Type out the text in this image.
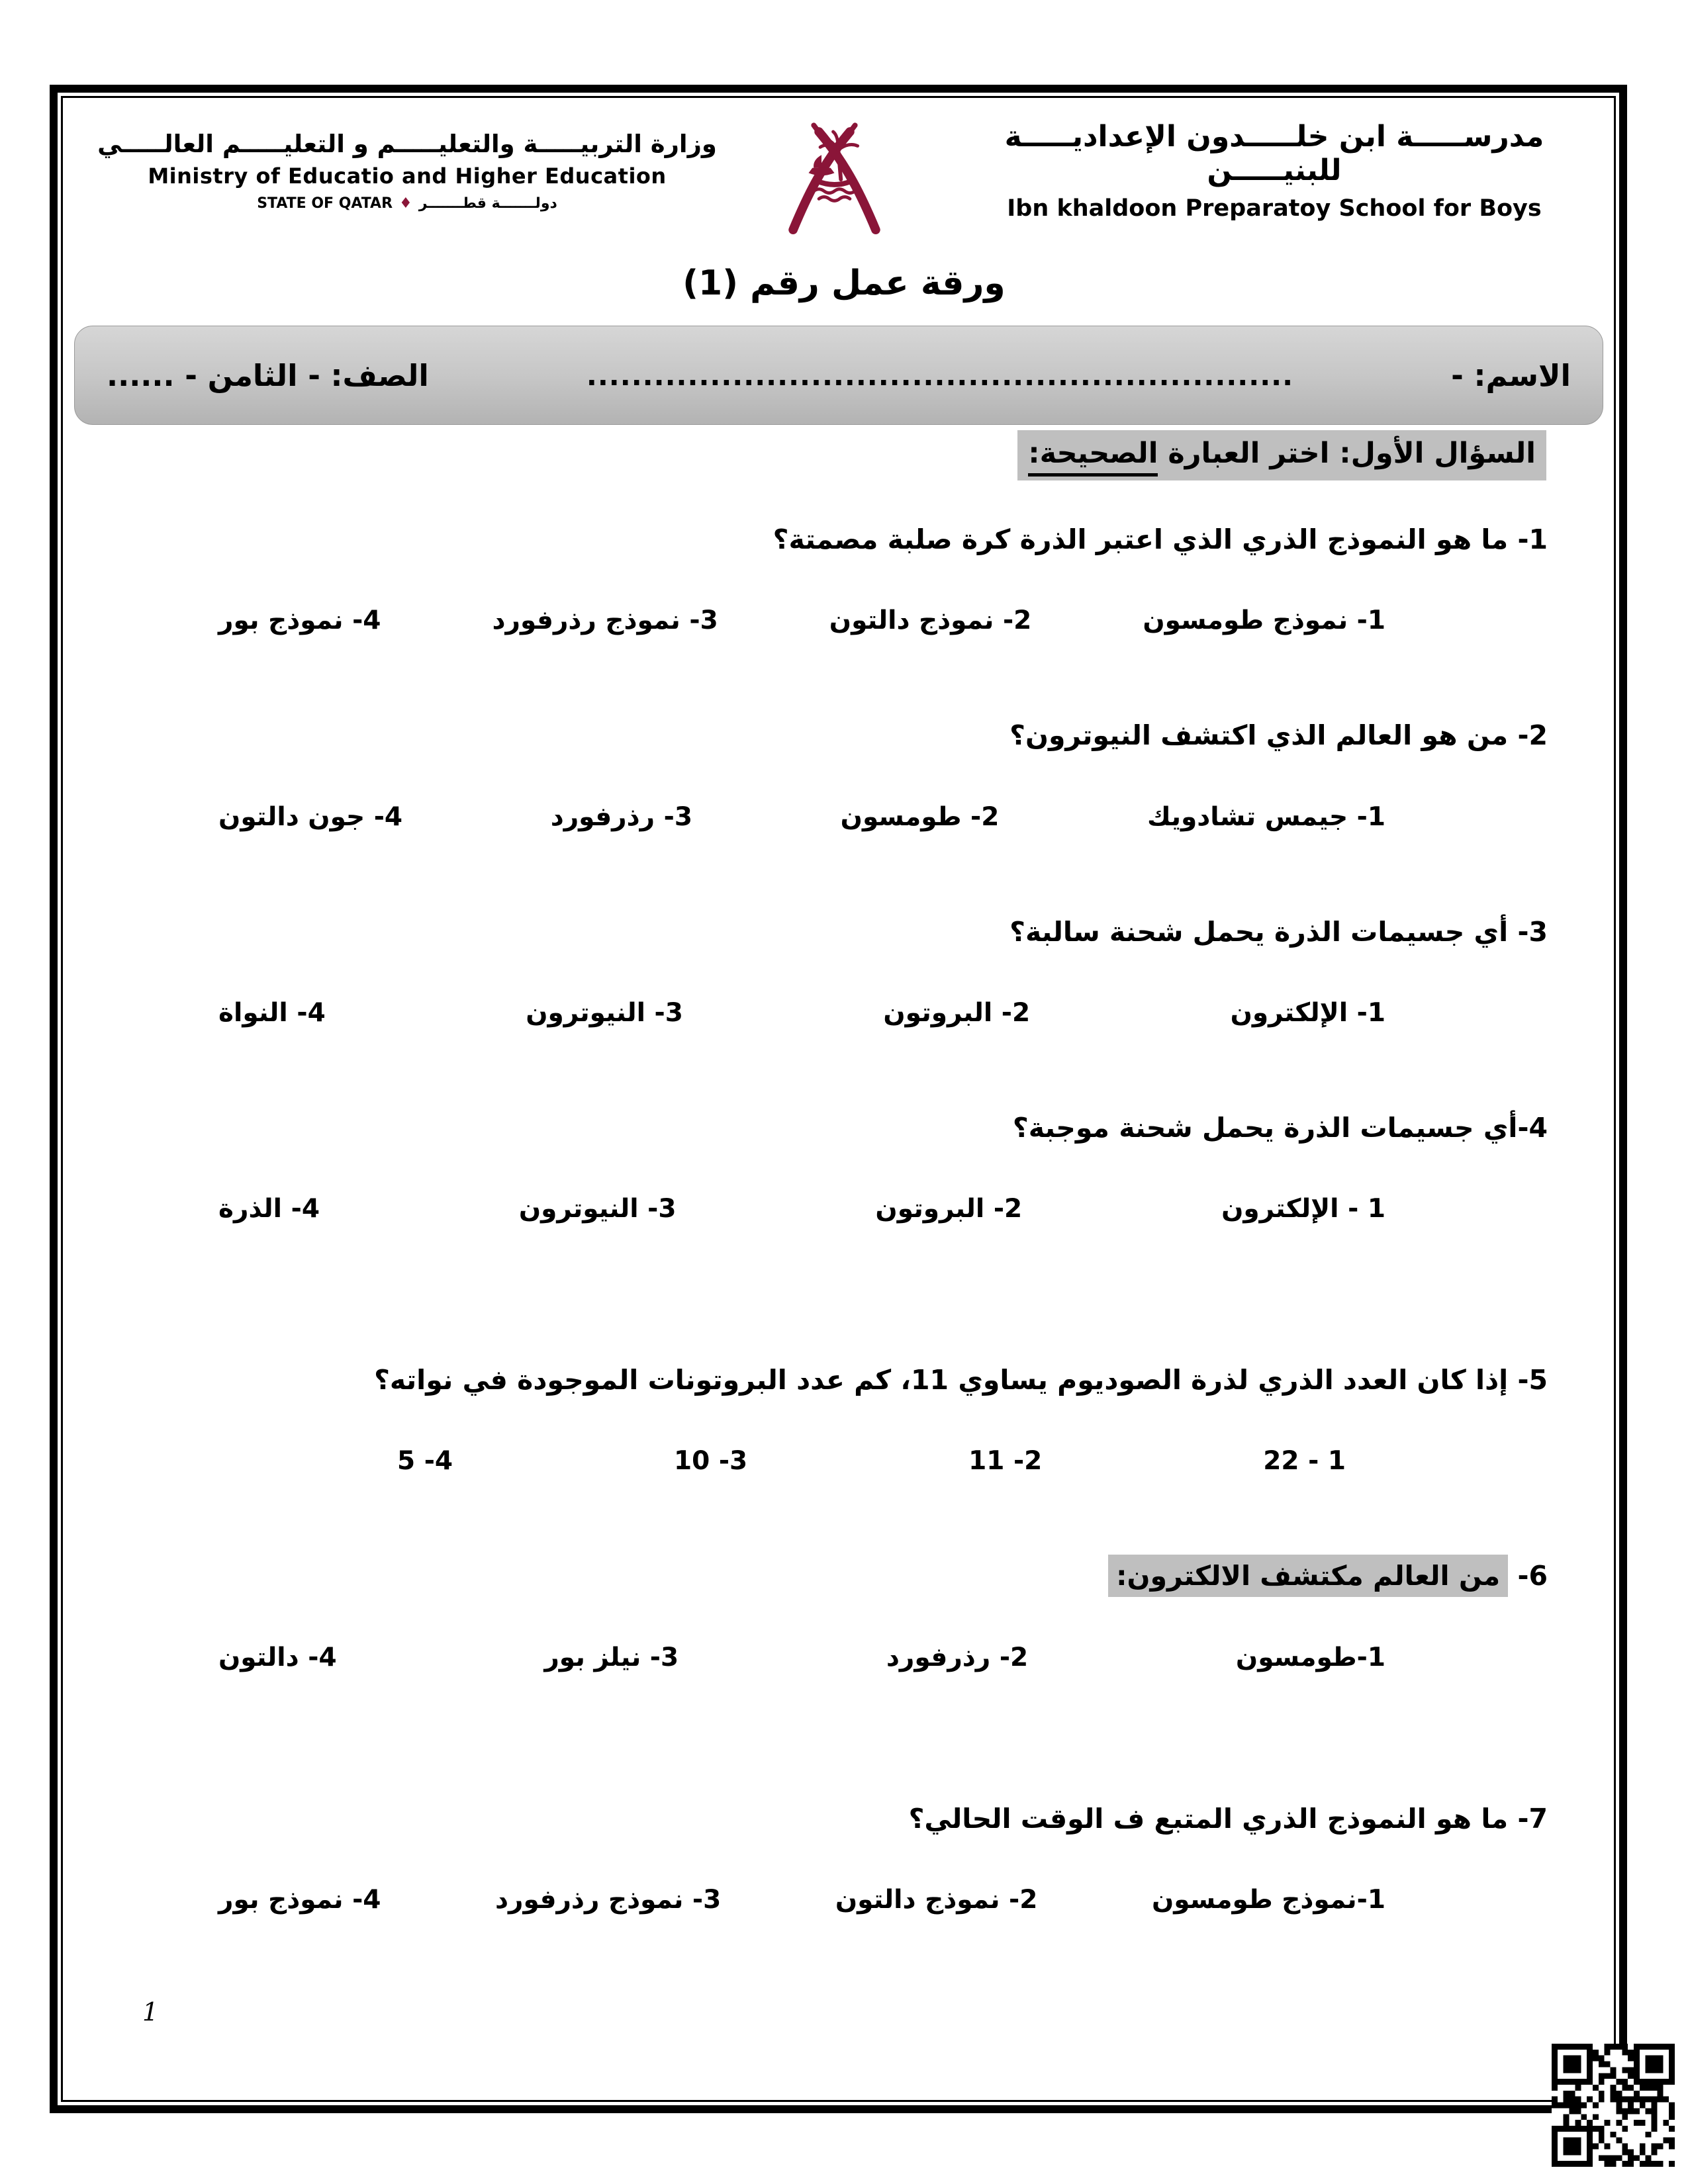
وزارة التربيـــــة والتعليـــــم و التعليـــــم العالـــــي
Ministry of Educatio and Higher Education
STATE OF QATAR ♦ دولـــــــة قطـــــــر
مدرســـــة ابن خلـــــدون الإعداديـــــة للبنيـــــن
Ibn khaldoon Preparatoy School for Boys
ورقة عمل رقم (1)
الاسم: -
...............................................................
الصف: - الثامن - ......
السؤال الأول: اختر العبارة الصحيحة:
1- ما هو النموذج الذري الذي اعتبر الذرة كرة صلبة مصمتة؟
1- نموذج طومسون
2- نموذج دالتون
3- نموذج رذرفورد
4- نموذج بور
2- من هو العالم الذي اكتشف النيوترون؟
1- جيمس تشادويك
2- طومسون
3- رذرفورد
4- جون دالتون
3- أي جسيمات الذرة يحمل شحنة سالبة؟
1- الإلكترون
2- البروتون
3- النيوترون
4- النواة
4-أي جسيمات الذرة يحمل شحنة موجبة؟
1 - الإلكترون
2- البروتون
3- النيوترون
4- الذرة
5- إذا كان العدد الذري لذرة الصوديوم يساوي 11، كم عدد البروتونات الموجودة في نواته؟
1 - 22
2- 11
3- 10
4- 5
6- من العالم مكتشف الالكترون:
1-طومسون
2- رذرفورد
3- نيلز بور
4- دالتون
7- ما هو النموذج الذري المتبع ف الوقت الحالي؟
1-نموذج طومسون
2- نموذج دالتون
3- نموذج رذرفورد
4- نموذج بور
1
